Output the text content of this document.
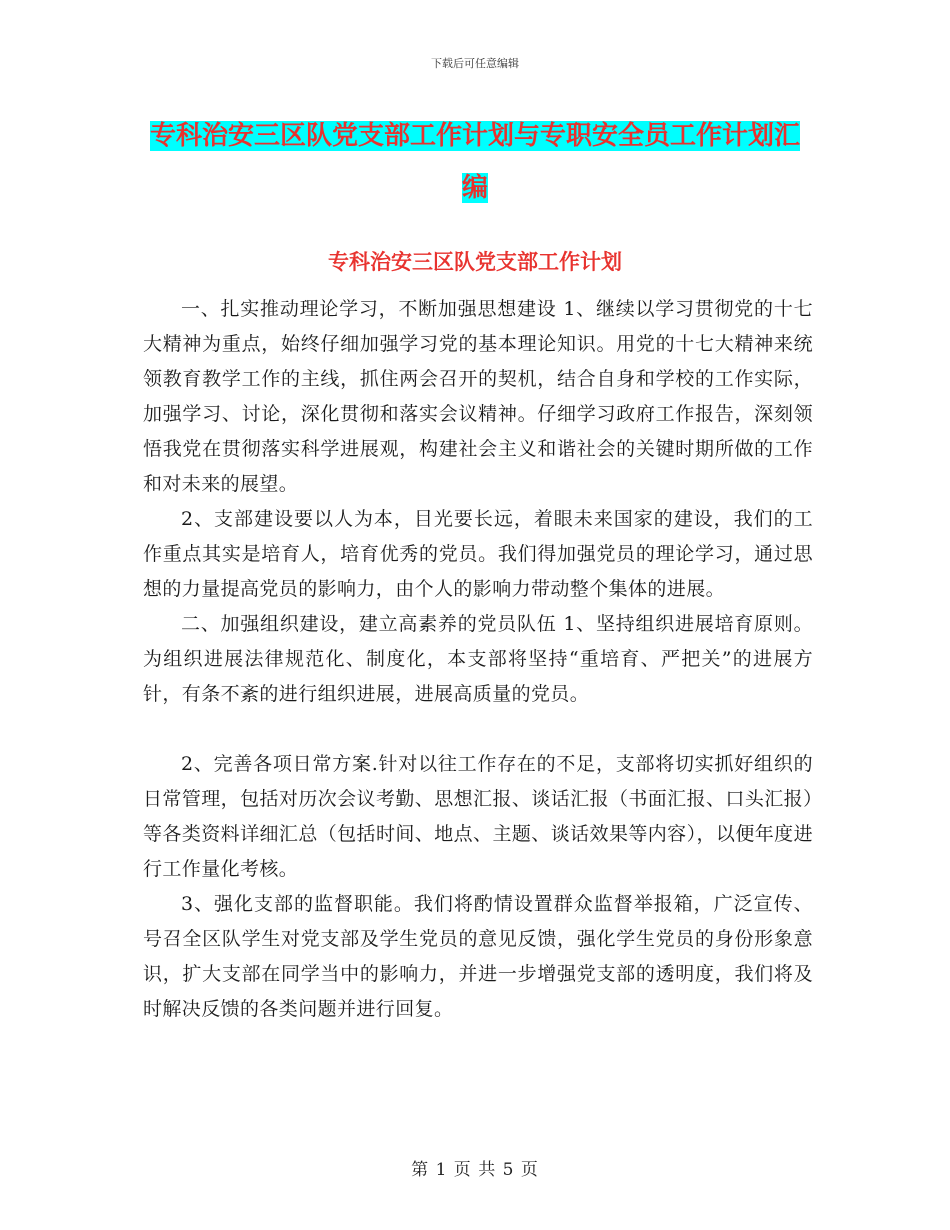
下载后可任意编辑
专科治安三区队党支部工作计划与专职安全员工作计划汇编
专科治安三区队党支部工作计划

一、扎实推动理论学习，不断加强思想建设 1、继续以学习贯彻党的十七大精神为重点，始终仔细加强学习党的基本理论知识。用党的十七大精神来统领教育教学工作的主线，抓住两会召开的契机，结合自身和学校的工作实际，加强学习、讨论，深化贯彻和落实会议精神。仔细学习政府工作报告，深刻领悟我党在贯彻落实科学进展观，构建社会主义和谐社会的关键时期所做的工作和对未来的展望。

2、支部建设要以人为本，目光要长远，着眼未来国家的建设，我们的工作重点其实是培育人，培育优秀的党员。我们得加强党员的理论学习，通过思想的力量提高党员的影响力，由个人的影响力带动整个集体的进展。

二、加强组织建设，建立高素养的党员队伍 1、坚持组织进展培育原则。为组织进展法律规范化、制度化，本支部将坚持“重培育、严把关”的进展方针，有条不紊的进行组织进展，进展高质量的党员。

2、完善各项日常方案.针对以往工作存在的不足，支部将切实抓好组织的日常管理，包括对历次会议考勤、思想汇报、谈话汇报（书面汇报、口头汇报）等各类资料详细汇总（包括时间、地点、主题、谈话效果等内容），以便年度进行工作量化考核。

3、强化支部的监督职能。我们将酌情设置群众监督举报箱，广泛宣传、号召全区队学生对党支部及学生党员的意见反馈，强化学生党员的身份形象意识，扩大支部在同学当中的影响力，并进一步增强党支部的透明度，我们将及时解决反馈的各类问题并进行回复。

第 1 页 共 5 页
